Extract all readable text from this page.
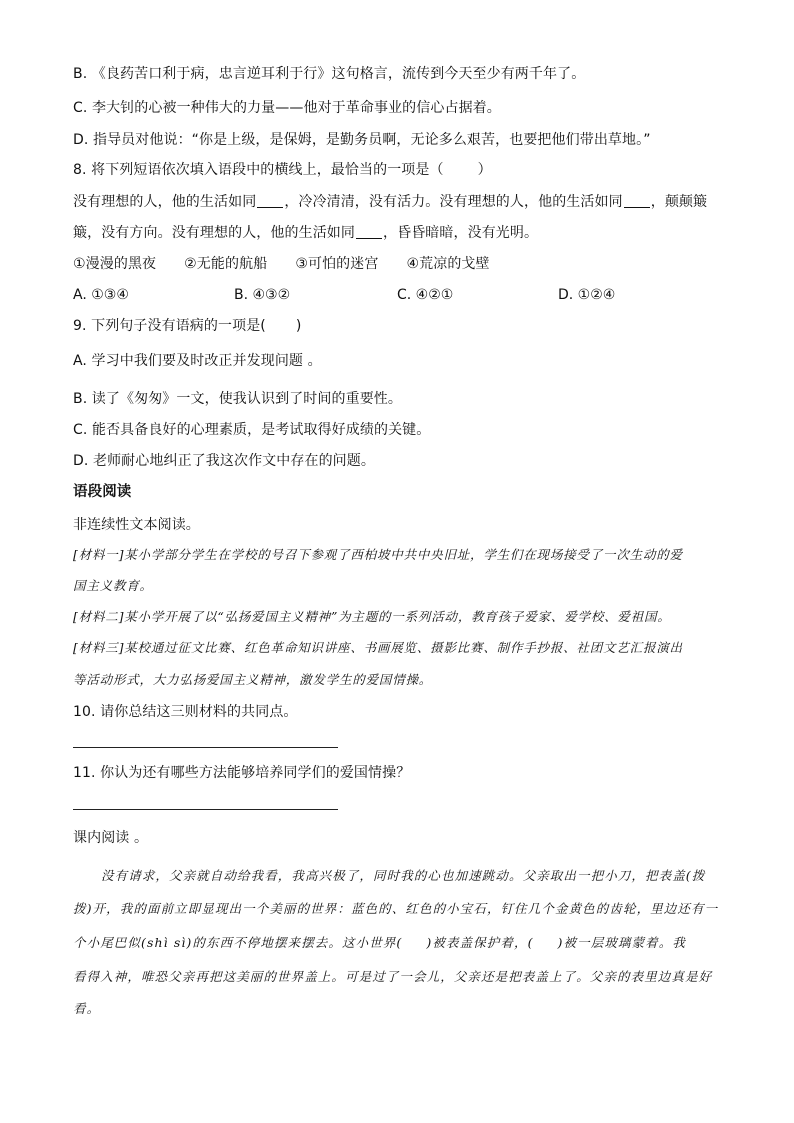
B. 《良药苦口利于病，忠言逆耳利于行》这句格言，流传到今天至少有两千年了。
C. 李大钊的心被一种伟大的力量——他对于革命事业的信心占据着。
D. 指导员对他说：“你是上级，是保姆，是勤务员啊，无论多么艰苦，也要把他们带出草地。”
8. 将下列短语依次填入语段中的横线上，最恰当的一项是（ ）
没有理想的人，他的生活如同 ，冷冷清清，没有活力。没有理想的人，他的生活如同 ，颠颠簸
簸，没有方向。没有理想的人，他的生活如同 ，昏昏暗暗，没有光明。
①漫漫的黑夜 ②无能的航船 ③可怕的迷宫 ④荒凉的戈壁
A. ①③④	B. ④③②	C. ④②①	D. ①②④
9. 下列句子没有语病的一项是( )
A. 学习中我们要及时改正并发现问题 。
B. 读了《匆匆》一文，使我认识到了时间的重要性。
C. 能否具备良好的心理素质，是考试取得好成绩的关键。
D. 老师耐心地纠正了我这次作文中存在的问题。
语段阅读
非连续性文本阅读。
[材料一]某小学部分学生在学校的号召下参观了西柏坡中共中央旧址，学生们在现场接受了一次生动的爱
国主义教育。
[材料二]某小学开展了以“弘扬爱国主义精神”为主题的一系列活动，教育孩子爱家、爱学校、爱祖国。
[材料三]某校通过征文比赛、红色革命知识讲座、书画展览、摄影比赛、制作手抄报、社团文艺汇报演出
等活动形式，大力弘扬爱国主义精神，激发学生的爱国情操。
10. 请你总结这三则材料的共同点。
11. 你认为还有哪些方法能够培养同学们的爱国情操？
课内阅读 。
没有请求，父亲就自动给我看，我高兴极了，同时我的心也加速跳动。父亲取出一把小刀，把表盖(拨
拨)开，我的面前立即显现出一个美丽的世界：蓝色的、红色的小宝石，钉住几个金黄色的齿轮，里边还有一
个小尾巴似(shì sì)的东西不停地摆来摆去。这小世界( )被表盖保护着，( )被一层玻璃蒙着。我
看得入神，唯恐父亲再把这美丽的世界盖上。可是过了一会儿，父亲还是把表盖上了。父亲的表里边真是好
看。
